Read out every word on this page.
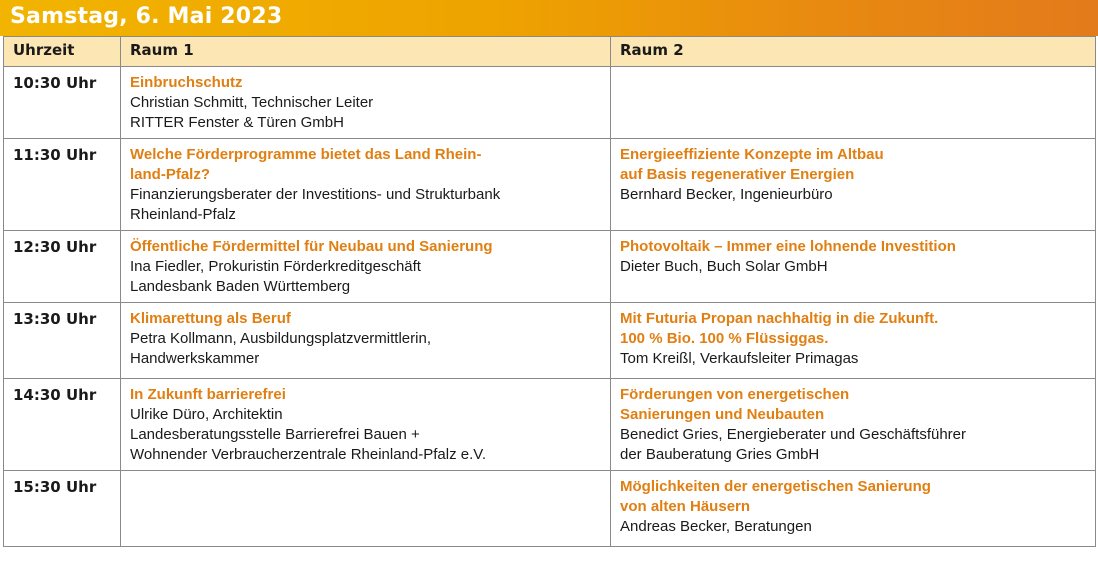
Samstag, 6. Mai 2023
Uhrzeit	Raum 1	Raum 2
10:30 Uhr	Einbruchschutz
Christian Schmitt, Technischer Leiter
RITTER Fenster & Türen GmbH	

11:30 Uhr	Welche Förderprogramme bietet das Land Rhein-
land-Pfalz?
Finanzierungsberater der Investitions- und Strukturbank
Rheinland-Pfalz	Energieeffiziente Konzepte im Altbau
auf Basis regenerativer Energien
Bernhard Becker, Ingenieurbüro

12:30 Uhr	Öffentliche Fördermittel für Neubau und Sanierung
Ina Fiedler, Prokuristin Förderkreditgeschäft
Landesbank Baden Württemberg	Photovoltaik – Immer eine lohnende Investition
Dieter Buch, Buch Solar GmbH

13:30 Uhr	Klimarettung als Beruf
Petra Kollmann, Ausbildungsplatzvermittlerin,
Handwerkskammer	Mit Futuria Propan nachhaltig in die Zukunft.
100 % Bio. 100 % Flüssiggas.
Tom Kreißl, Verkaufsleiter Primagas

14:30 Uhr	In Zukunft barrierefrei
Ulrike Düro, Architektin
Landesberatungsstelle Barrierefrei Bauen +
Wohnender Verbraucherzentrale Rheinland-Pfalz e.V.	Förderungen von energetischen
Sanierungen und Neubauten
Benedict Gries, Energieberater und Geschäftsführer
der Bauberatung Gries GmbH

15:30 Uhr		Möglichkeiten der energetischen Sanierung
von alten Häusern
Andreas Becker, Beratungen
